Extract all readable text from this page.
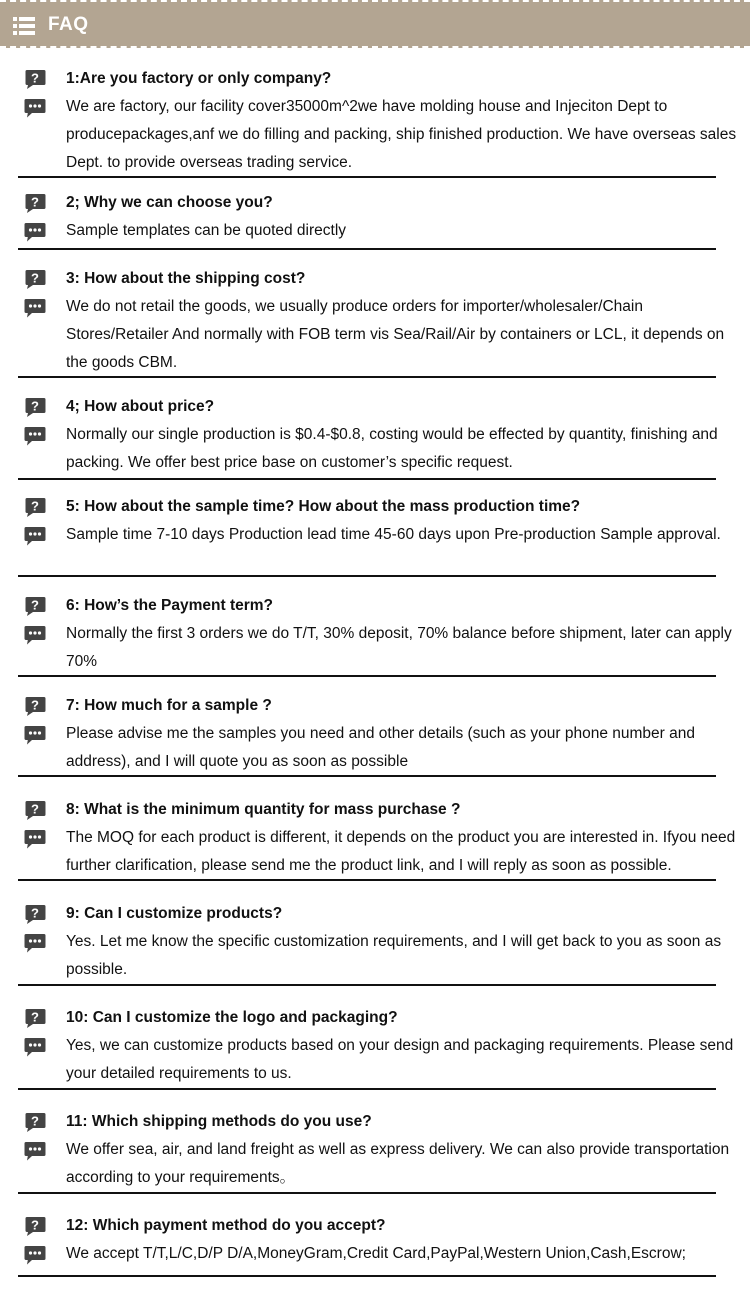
FAQ
? 1:Are you factory or only company?
We are factory, our facility cover35000m^2we have molding house and Injeciton Dept to producepackages,anf we do filling and packing, ship finished production. We have overseas sales Dept. to provide overseas trading service.
? 2; Why we can choose you?
Sample templates can be quoted directly
? 3: How about the shipping cost?
We do not retail the goods, we usually produce orders for importer/wholesaler/Chain Stores/Retailer And normally with FOB term vis Sea/Rail/Air by containers or LCL, it depends on the goods CBM.
? 4; How about price?
Normally our single production is $0.4-$0.8, costing would be effected by quantity, finishing and packing. We offer best price base on customer’s specific request.
? 5: How about the sample time? How about the mass production time?
Sample time 7-10 days Production lead time 45-60 days upon Pre-production Sample approval.
? 6: How’s the Payment term?
Normally the first 3 orders we do T/T, 30% deposit, 70% balance before shipment, later can apply 70%
? 7: How much for a sample ?
Please advise me the samples you need and other details (such as your phone number and address), and I will quote you as soon as possible
? 8: What is the minimum quantity for mass purchase ?
The MOQ for each product is different, it depends on the product you are interested in. Ifyou need further clarification, please send me the product link, and I will reply as soon as possible.
? 9: Can I customize products?
Yes. Let me know the specific customization requirements, and I will get back to you as soon as possible.
? 10: Can I customize the logo and packaging?
Yes, we can customize products based on your design and packaging requirements. Please send your detailed requirements to us.
? 11: Which shipping methods do you use?
We offer sea, air, and land freight as well as express delivery. We can also provide transportation according to your requirements。
? 12: Which payment method do you accept?
We accept T/T,L/C,D/P D/A,MoneyGram,Credit Card,PayPal,Western Union,Cash,Escrow;
